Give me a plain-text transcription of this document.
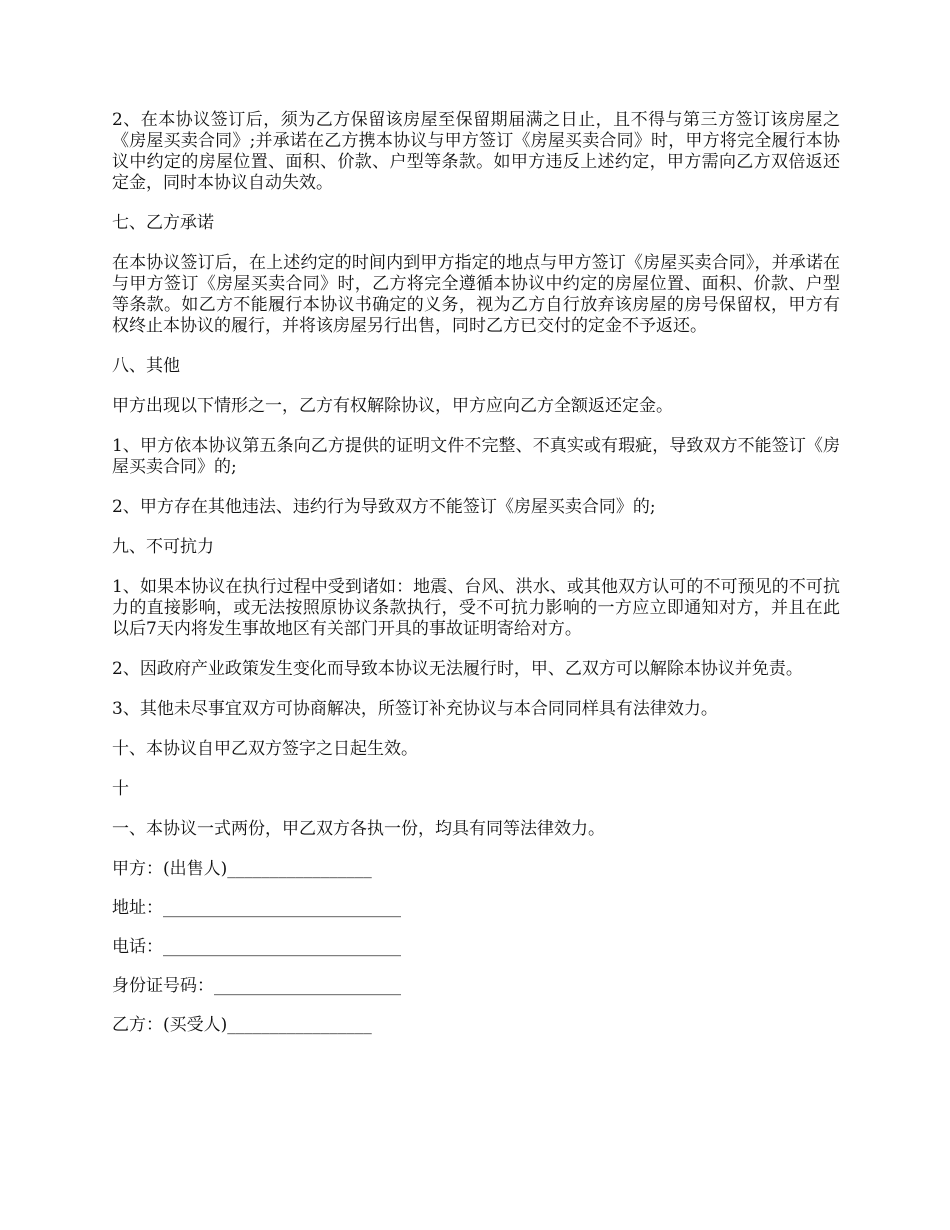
2、在本协议签订后，须为乙方保留该房屋至保留期届满之日止，且不得与第三方签订该房屋之《房屋买卖合同》;并承诺在乙方携本协议与甲方签订《房屋买卖合同》时，甲方将完全履行本协议中约定的房屋位置、面积、价款、户型等条款。如甲方违反上述约定，甲方需向乙方双倍返还定金，同时本协议自动失效。

七、乙方承诺

在本协议签订后，在上述约定的时间内到甲方指定的地点与甲方签订《房屋买卖合同》，并承诺在与甲方签订《房屋买卖合同》时，乙方将完全遵循本协议中约定的房屋位置、面积、价款、户型等条款。如乙方不能履行本协议书确定的义务，视为乙方自行放弃该房屋的房号保留权，甲方有权终止本协议的履行，并将该房屋另行出售，同时乙方已交付的定金不予返还。

八、其他

甲方出现以下情形之一，乙方有权解除协议，甲方应向乙方全额返还定金。

1、甲方依本协议第五条向乙方提供的证明文件不完整、不真实或有瑕疵，导致双方不能签订《房屋买卖合同》的;

2、甲方存在其他违法、违约行为导致双方不能签订《房屋买卖合同》的;

九、不可抗力

1、如果本协议在执行过程中受到诸如：地震、台风、洪水、或其他双方认可的不可预见的不可抗力的直接影响，或无法按照原协议条款执行，受不可抗力影响的一方应立即通知对方，并且在此以后7天内将发生事故地区有关部门开具的事故证明寄给对方。

2、因政府产业政策发生变化而导致本协议无法履行时，甲、乙双方可以解除本协议并免责。

3、其他未尽事宜双方可协商解决，所签订补充协议与本合同同样具有法律效力。

十、本协议自甲乙双方签字之日起生效。

十

一、本协议一式两份，甲乙双方各执一份，均具有同等法律效力。

甲方：(出售人)_________________

地址：____________________________

电话：____________________________

身份证号码：______________________

乙方：(买受人)_________________
